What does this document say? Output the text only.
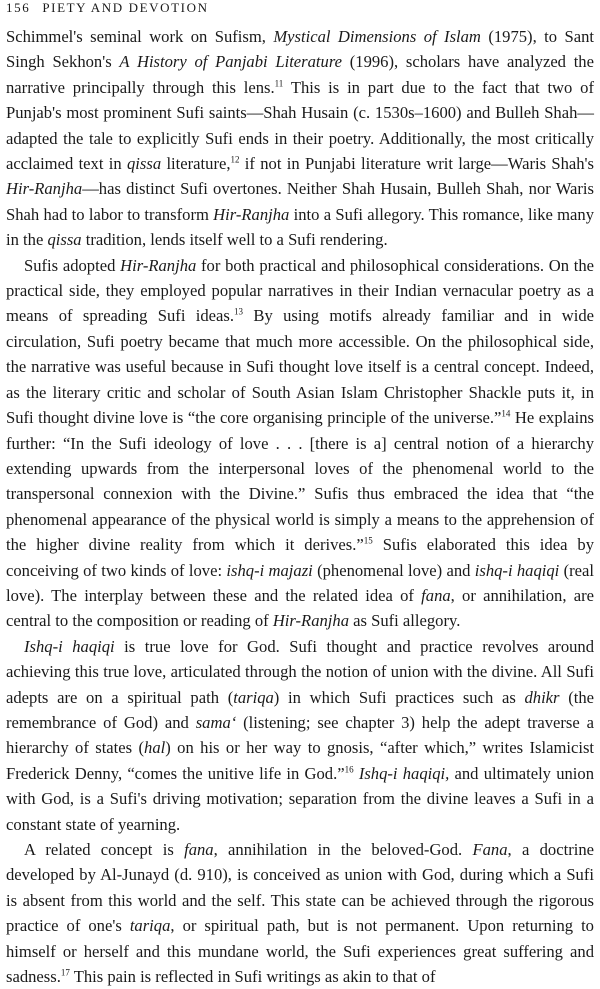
156 PIETY AND DEVOTION

Schimmel's seminal work on Sufism, Mystical Dimensions of Islam (1975), to Sant Singh Sekhon's A History of Panjabi Literature (1996), scholars have analyzed the narrative principally through this lens.$^{11}$ This is in part due to the fact that two of Punjab's most prominent Sufi saints—Shah Husain (c. 1530s–1600) and Bulleh Shah—adapted the tale to explicitly Sufi ends in their poetry. Additionally, the most critically acclaimed text in qissa literature,$^{12}$ if not in Punjabi literature writ large—Waris Shah's Hir-Ranjha—has distinct Sufi overtones. Neither Shah Husain, Bulleh Shah, nor Waris Shah had to labor to transform Hir-Ranjha into a Sufi allegory. This romance, like many in the qissa tradition, lends itself well to a Sufi rendering.

Sufis adopted Hir-Ranjha for both practical and philosophical considerations. On the practical side, they employed popular narratives in their Indian vernacular poetry as a means of spreading Sufi ideas.$^{13}$ By using motifs already familiar and in wide circulation, Sufi poetry became that much more accessible. On the philosophical side, the narrative was useful because in Sufi thought love itself is a central concept. Indeed, as the literary critic and scholar of South Asian Islam Christopher Shackle puts it, in Sufi thought divine love is “the core organising principle of the universe.”$^{14}$ He explains further: “In the Sufi ideology of love . . . [there is a] central notion of a hierarchy extending upwards from the interpersonal loves of the phenomenal world to the transpersonal connexion with the Divine.” Sufis thus embraced the idea that “the phenomenal appearance of the physical world is simply a means to the apprehension of the higher divine reality from which it derives.”$^{15}$ Sufis elaborated this idea by conceiving of two kinds of love: ishq-i majazi (phenomenal love) and ishq-i haqiqi (real love). The interplay between these and the related idea of fana, or annihilation, are central to the composition or reading of Hir-Ranjha as Sufi allegory.

Ishq-i haqiqi is true love for God. Sufi thought and practice revolves around achieving this true love, articulated through the notion of union with the divine. All Sufi adepts are on a spiritual path (tariqa) in which Sufi practices such as dhikr (the remembrance of God) and sama‘ (listening; see chapter 3) help the adept traverse a hierarchy of states (hal) on his or her way to gnosis, “after which,” writes Islamicist Frederick Denny, “comes the unitive life in God.”$^{16}$ Ishq-i haqiqi, and ultimately union with God, is a Sufi's driving motivation; separation from the divine leaves a Sufi in a constant state of yearning.

A related concept is fana, annihilation in the beloved-God. Fana, a doctrine developed by Al-Junayd (d. 910), is conceived as union with God, during which a Sufi is absent from this world and the self. This state can be achieved through the rigorous practice of one's tariqa, or spiritual path, but is not permanent. Upon returning to himself or herself and this mundane world, the Sufi experiences great suffering and sadness.$^{17}$ This pain is reflected in Sufi writings as akin to that of
